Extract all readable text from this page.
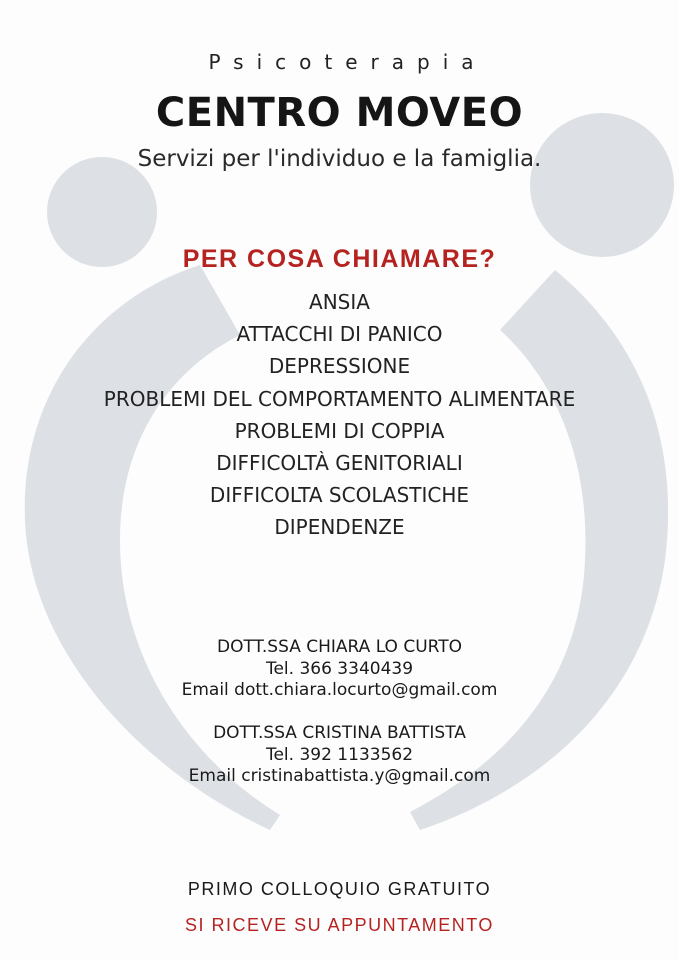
Psicoterapia

CENTRO MOVEO

Servizi per l'individuo e la famiglia.

PER COSA CHIAMARE?
ANSIA
ATTACCHI DI PANICO
DEPRESSIONE
PROBLEMI DEL COMPORTAMENTO ALIMENTARE
PROBLEMI DI COPPIA
DIFFICOLTÀ GENITORIALI
DIFFICOLTA SCOLASTICHE
DIPENDENZE
DOTT.SSA CHIARA LO CURTO
Tel. 366 3340439
Email dott.chiara.locurto@gmail.com
DOTT.SSA CRISTINA BATTISTA
Tel. 392 1133562
Email cristinabattista.y@gmail.com

PRIMO COLLOQUIO GRATUITO

SI RICEVE SU APPUNTAMENTO
